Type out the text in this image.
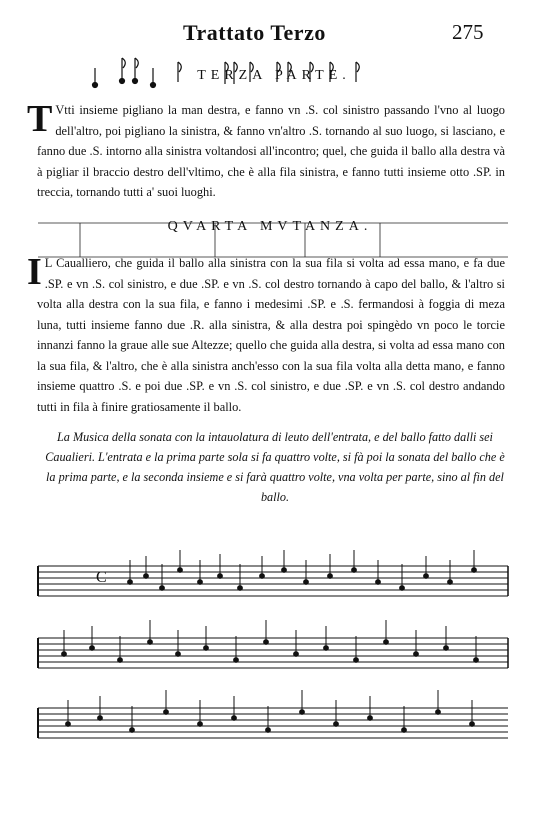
Trattato Terzo	275
TERZA PARTE.
T Vtti insieme pigliano la man destra, e fanno vn .S. col sinistro passando l'vno al luogo dell'altro, poi pigliano la sinistra, & fanno vn'altro .S. tornando al suo luogo, si lasciano, e fanno due .S. intorno alla sinistra voltandosi all'incontro; quel, che guida il ballo alla destra và à pigliar il braccio destro dell'vltimo, che è alla fila sinistra, e fanno tutti insieme otto .SP. in treccia, tornando tutti a' suoi luoghi.
QVARTA MVTANZA.
I L Caualliero, che guida il ballo alla sinistra con la sua fila si volta ad essa mano, e fa due .SP. e vn .S. col sinistro, e due .SP. e vn .S. col destro tornando à capo del ballo, & l'altro si volta alla destra con la sua fila, e fanno i medesimi .SP. e .S. fermandosi à foggia di meza luna, tutti insieme fanno due .R. alla sinistra, & alla destra poi spingèdo vn poco le torcie innanzi fanno la graue alle sue Altezze; quello che guida alla destra, si volta ad essa mano con la sua fila, & l'altro, che è alla sinistra anch'esso con la sua fila volta alla detta mano, e fanno insieme quattro .S. e poi due .SP. e vn .S. col sinistro, e due .SP. e vn .S. col destro andando tutti in fila à finire gratiosamente il ballo.
La Musica della sonata con la intauolatura di leuto dell'entrata, e del ballo fatto dalli sei Caualieri. L'entrata e la prima parte sola si fa quattro volte, si fà poi la sonata del ballo che è la prima parte, e la seconda insieme e si farà quattro volte, vna volta per parte, sino al fin del ballo.
C
